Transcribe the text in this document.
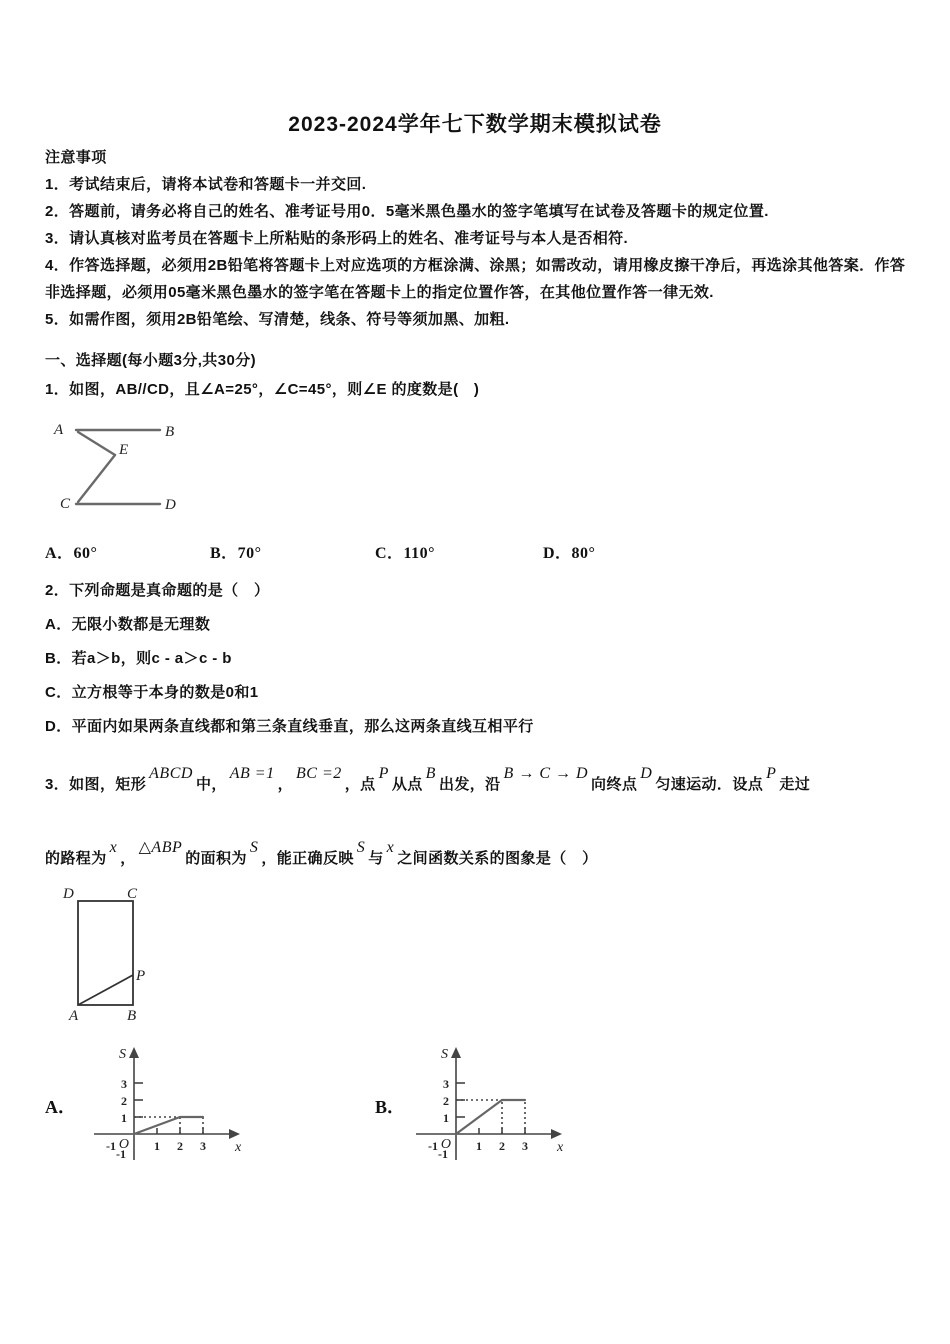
2023-2024学年七下数学期末模拟试卷
注意事项
1．考试结束后，请将本试卷和答题卡一并交回.
2．答题前，请务必将自己的姓名、准考证号用0．5毫米黑色墨水的签字笔填写在试卷及答题卡的规定位置.
3．请认真核对监考员在答题卡上所粘贴的条形码上的姓名、准考证号与本人是否相符.
4．作答选择题，必须用2B铅笔将答题卡上对应选项的方框涂满、涂黑；如需改动，请用橡皮擦干净后，再选涂其他答案．作答非选择题，必须用05毫米黑色墨水的签字笔在答题卡上的指定位置作答，在其他位置作答一律无效.
5．如需作图，须用2B铅笔绘、写清楚，线条、符号等须加黑、加粗.
一、选择题(每小题3分,共30分)
1．如图，AB//CD，且∠A=25°，∠C=45°，则∠E 的度数是(　)
A	B
E
C	D
A．60°	B．70°	C．110°	D．80°
2．下列命题是真命题的是（　）
A．无限小数都是无理数
B．若a＞b，则c - a＞c - b
C．立方根等于本身的数是0和1
D．平面内如果两条直线都和第三条直线垂直，那么这两条直线互相平行
3．如图，矩形ABCD中，AB =1，BC =2，点P从点B出发，沿B → C → D向终点D匀速运动．设点P走过
的路程为x，△ABP的面积为S，能正确反映S与x之间函数关系的图象是（　）
D	C
A	B
P
A．
1
2
3
1 2 3
-1 O
-1
S
x
B．
1
2
3
1 2 3
-1 O
-1
S
x
